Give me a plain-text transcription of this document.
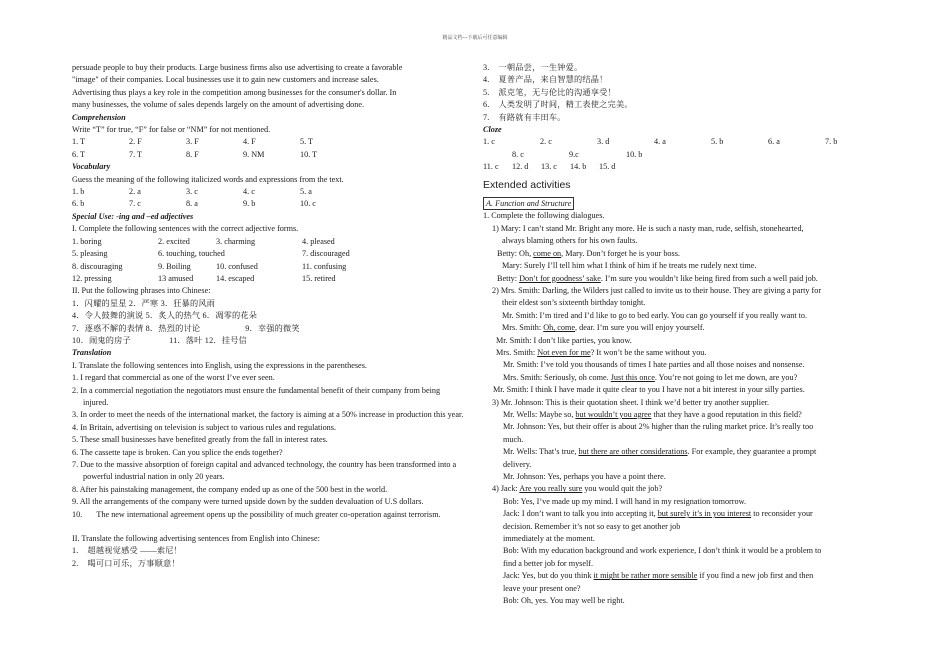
精品文档---下载后可任意编辑
persuade people to buy their products. Large business firms also use advertising to create a favorable
"image" of their companies. Local businesses use it to gain new customers and increase sales.
Advertising thus plays a key role in the competition among businesses for the consumer's dollar. In
many businesses, the volume of sales depends largely on the amount of advertising done.
Comprehension
Write “T” for true, “F” for false or “NM” for not mentioned.
1. T	2. F	3. F	4. F	5. T
6. T	7. T	8. F	9. NM	10. T
Vocabulary
Guess the meaning of the following italicized words and expressions from the text.
1. b	2. a	3. c	4. c	5. a
6. b	7. c	8. a	9. b	10. c
Special Use: -ing and –ed adjectives
I. Complete the following sentences with the correct adjective forms.
1. boring	2. excited	3. charming	4. pleased
5. pleasing	6. touching, touched	7. discouraged
8. discouraging	9. Boiling	10. confused	11. confusing
12. pressing	13 amused	14. escaped	15. retired
II. Put the following phrases into Chinese:
1．闪耀的星星 2．严寒 3．狂暴的风雨
4．令人鼓舞的演说 5．炙人的热气 6．凋零的花朵
7．逐惑不解的表情 8．热烈的讨论                    9．幸强的微笑
10．闹鬼的房子                 11．落叶 12．挂号信
Translation
I. Translate the following sentences into English, using the expressions in the parentheses.
1. I regard that commercial as one of the worst I’ve ever seen.
2. In a commercial negotiation the negotiators must ensure the fundamental benefit of their company from being injured.
3. In order to meet the needs of the international market, the factory is aiming at a 50% increase in production this year.
4. In Britain, advertising on television is subject to various rules and regulations.
5. These small businesses have benefited greatly from the fall in interest rates.
6. The cassette tape is broken. Can you splice the ends together?
7. Due to the massive absorption of foreign capital and advanced technology, the country has been transformed into a powerful industrial nation in only 20 years.
8. After his painstaking management, the company ended up as one of the 500 best in the world.
9. All the arrangements of the company were turned upside down by the sudden devaluation of U.S dollars.
10.       The new international agreement opens up the possibility of much greater co-operation against terrorism.
II. Translate the following advertising sentences from English into Chinese:
1.    超越视觉感受 ——索尼！
2.    喝可口可乐，万事顺意！
3.    一朝品尝，一生钟爱。
4.    夏普产品，来自智慧的结晶！
5.    派克笔，无与伦比的沟通享受！
6.    人类发明了时间，精工表使之完美。
7.    有路就有丰田车。
Cloze
1. c	2. c	3. d	4. a	5. b	6. a	7. b
8. c	9.c	10. b
11. c 12. d 13. c 14. b 15. d
Extended activities
A. Function and Structure
1. Complete the following dialogues.
1) Mary: I can’t stand Mr. Bright any more. He is such a nasty man, rude, selfish, stonehearted,
always blaming others for his own faults.
Betty: Oh, come on, Mary. Don’t forget he is your boss.
Mary: Surely I’ll tell him what I think of him if he treats me rudely next time.
Betty: Don’t for goodness’ sake. I’m sure you wouldn’t like being fired from such a well paid job.
2) Mrs. Smith: Darling, the Wilders just called to invite us to their house. They are giving a party for
their eldest son’s sixteenth birthday tonight.
Mr. Smith: I’m tired and I’d like to go to bed early. You can go yourself if you really want to.
Mrs. Smith: Oh, come, dear. I’m sure you will enjoy yourself.
Mr. Smith: I don’t like parties, you know.
Mrs. Smith: Not even for me? It won’t be the same without you.
Mr. Smith: I’ve told you thousands of times I hate parties and all those noises and nonsense.
Mrs. Smith: Seriously, oh come. Just this once. You’re not going to let me down, are you?
Mr. Smith: I think I have made it quite clear to you I have not a bit interest in your silly parties.
3) Mr. Johnson: This is their quotation sheet. I think we’d better try another supplier.
Mr. Wells: Maybe so, but wouldn’t you agree that they have a good reputation in this field?
Mr. Johnson: Yes, but their offer is about 2% higher than the ruling market price. It’s really too
much.
Mr. Wells: That’s true, but there are other considerations. For example, they guarantee a prompt
delivery.
Mr. Johnson: Yes, perhaps you have a point there.
4) Jack: Are you really sure you would quit the job?
Bob: Yes, I’ve made up my mind. I will hand in my resignation tomorrow.
Jack: I don’t want to talk you into accepting it, but surely it’s in you interest to reconsider your
decision. Remember it’s not so easy to get another job
immediately at the moment.
Bob: With my education background and work experience, I don’t think it would be a problem to
find a better job for myself.
Jack: Yes, but do you think it might be rather more sensible if you find a new job first and then
leave your present one?
Bob: Oh, yes. You may well be right.
